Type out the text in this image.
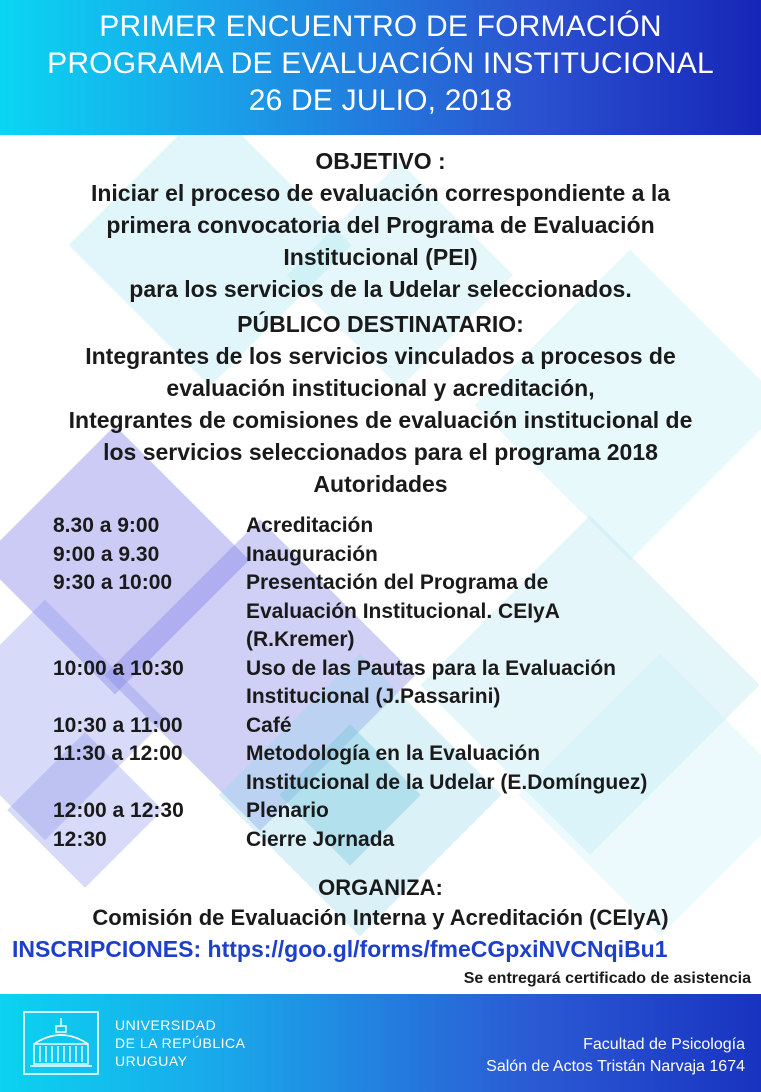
PRIMER ENCUENTRO DE FORMACIÓN
PROGRAMA DE EVALUACIÓN INSTITUCIONAL
26 DE JULIO, 2018
OBJETIVO :
Iniciar el proceso de evaluación correspondiente a la
primera convocatoria del Programa de Evaluación
Institucional (PEI)
para los servicios de la Udelar seleccionados.
PÚBLICO DESTINATARIO:
Integrantes de los servicios vinculados a procesos de
evaluación institucional y acreditación,
Integrantes de comisiones de evaluación institucional de
los servicios seleccionados para el programa 2018
Autoridades
8.30 a 9:00	Acreditación
9:00 a 9.30	Inauguración
9:30 a 10:00	Presentación del Programa de
Evaluación Institucional. CEIyA
(R.Kremer)
10:00 a 10:30	Uso de las Pautas para la Evaluación
Institucional (J.Passarini)
10:30 a 11:00	Café
11:30 a 12:00	Metodología en la Evaluación
Institucional de la Udelar (E.Domínguez)
12:00 a 12:30	Plenario
12:30	Cierre Jornada
ORGANIZA:
Comisión de Evaluación Interna y Acreditación (CEIyA)
INSCRIPCIONES: https://goo.gl/forms/fmeCGpxiNVCNqiBu1
Se entregará certificado de asistencia
UNIVERSIDAD
DE LA REPÚBLICA
URUGUAY
Facultad de Psicología
Salón de Actos Tristán Narvaja 1674
